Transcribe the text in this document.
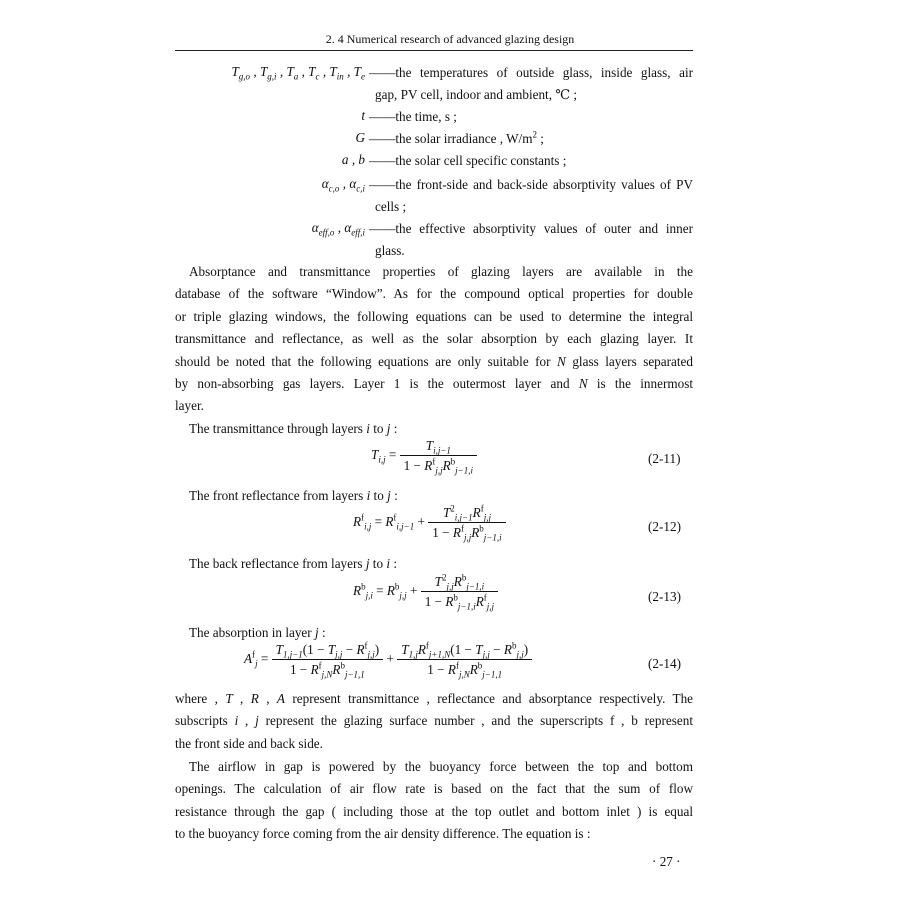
2. 4 Numerical research of advanced glazing design
$T_{g,o}$ , $T_{g,i}$ , $T_a$ , $T_c$ , $T_{in}$ , $T_e$ ——the temperatures of outside glass, inside glass, air
gap, PV cell, indoor and ambient, ℃ ;
t ——the time, s ;
G ——the solar irradiance , $W/m^2$ ;
a , b ——the solar cell specific constants ;
$\alpha_{c,o}$ , $\alpha_{c,i}$ ——the front-side and back-side absorptivity values of PV
cells ;
$\alpha_{eff,o}$ , $\alpha_{eff,i}$ ——the effective absorptivity values of outer and inner
glass.
Absorptance and transmittance properties of glazing layers are available in the
database of the software “Window”. As for the compound optical properties for double
or triple glazing windows, the following equations can be used to determine the integral
transmittance and reflectance, as well as the solar absorption by each glazing layer. It
should be noted that the following equations are only suitable for N glass layers separated
by non-absorbing gas layers. Layer 1 is the outermost layer and N is the innermost
layer.
The transmittance through layers i to j :
$T_{i,j} = \frac{T_{i,j-1}}{1 - R^f_{j,j}R^b_{j-1,i}}$	(2-11)
The front reflectance from layers i to j :
$R^f_{i,j} = R^f_{i,j-1} + \frac{T^2_{i,j-1}R^f_{j,j}}{1 - R^f_{j,j}R^b_{j-1,i}}$	(2-12)
The back reflectance from layers j to i :
$R^b_{j,i} = R^b_{j,j} + \frac{T^2_{j,j}R^b_{j-1,i}}{1 - R^b_{j-1,i}R^f_{j,j}}$	(2-13)
The absorption in layer j :
$A^f_j = \frac{T_{1,j-1}(1 - T_{j,j} - R^f_{j,j})}{1 - R^f_{j,N}R^b_{j-1,1}} + \frac{T_{1,j}R^f_{j+1,N}(1 - T_{j,j} - R^b_{j,j})}{1 - R^f_{j,N}R^b_{j-1,1}}$	(2-14)
where , T , R , A represent transmittance , reflectance and absorptance respectively. The
subscripts i , j represent the glazing surface number , and the superscripts f , b represent
the front side and back side.
The airflow in gap is powered by the buoyancy force between the top and bottom
openings. The calculation of air flow rate is based on the fact that the sum of flow
resistance through the gap ( including those at the top outlet and bottom inlet ) is equal
to the buoyancy force coming from the air density difference. The equation is :
· 27 ·
